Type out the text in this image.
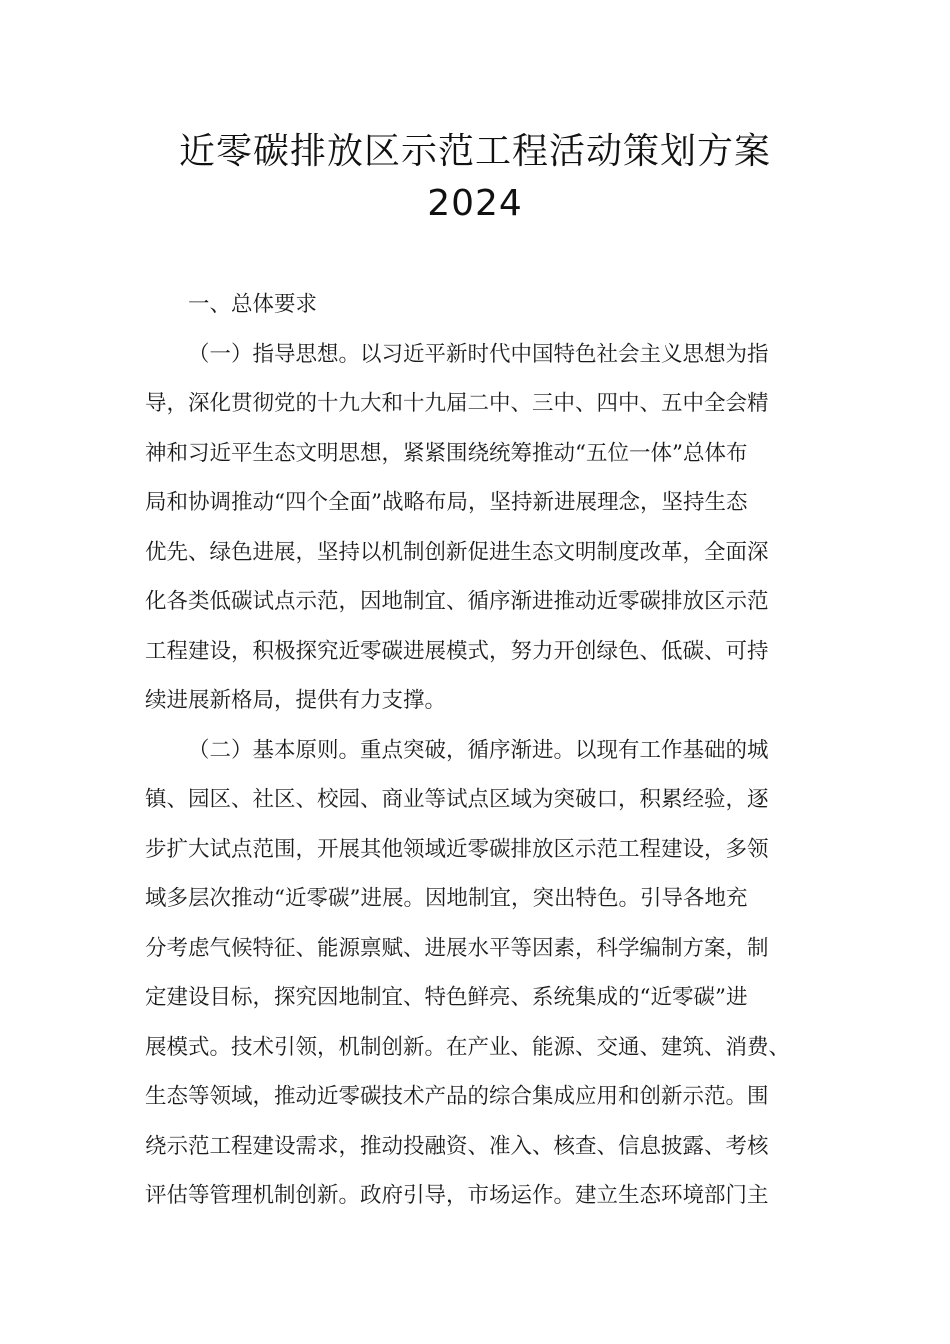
近零碳排放区示范工程活动策划方案
2024
一、总体要求
（一）指导思想。以习近平新时代中国特色社会主义思想为指
导，深化贯彻党的十九大和十九届二中、三中、四中、五中全会精
神和习近平生态文明思想，紧紧围绕统筹推动“五位一体”总体布
局和协调推动“四个全面”战略布局，坚持新进展理念，坚持生态
优先、绿色进展，坚持以机制创新促进生态文明制度改革，全面深
化各类低碳试点示范，因地制宜、循序渐进推动近零碳排放区示范
工程建设，积极探究近零碳进展模式，努力开创绿色、低碳、可持
续进展新格局，提供有力支撑。
（二）基本原则。重点突破，循序渐进。以现有工作基础的城
镇、园区、社区、校园、商业等试点区域为突破口，积累经验，逐
步扩大试点范围，开展其他领域近零碳排放区示范工程建设，多领
域多层次推动“近零碳”进展。因地制宜，突出特色。引导各地充
分考虑气候特征、能源禀赋、进展水平等因素，科学编制方案，制
定建设目标，探究因地制宜、特色鲜亮、系统集成的“近零碳”进
展模式。技术引领，机制创新。在产业、能源、交通、建筑、消费、
生态等领域，推动近零碳技术产品的综合集成应用和创新示范。围
绕示范工程建设需求，推动投融资、准入、核查、信息披露、考核
评估等管理机制创新。政府引导，市场运作。建立生态环境部门主
